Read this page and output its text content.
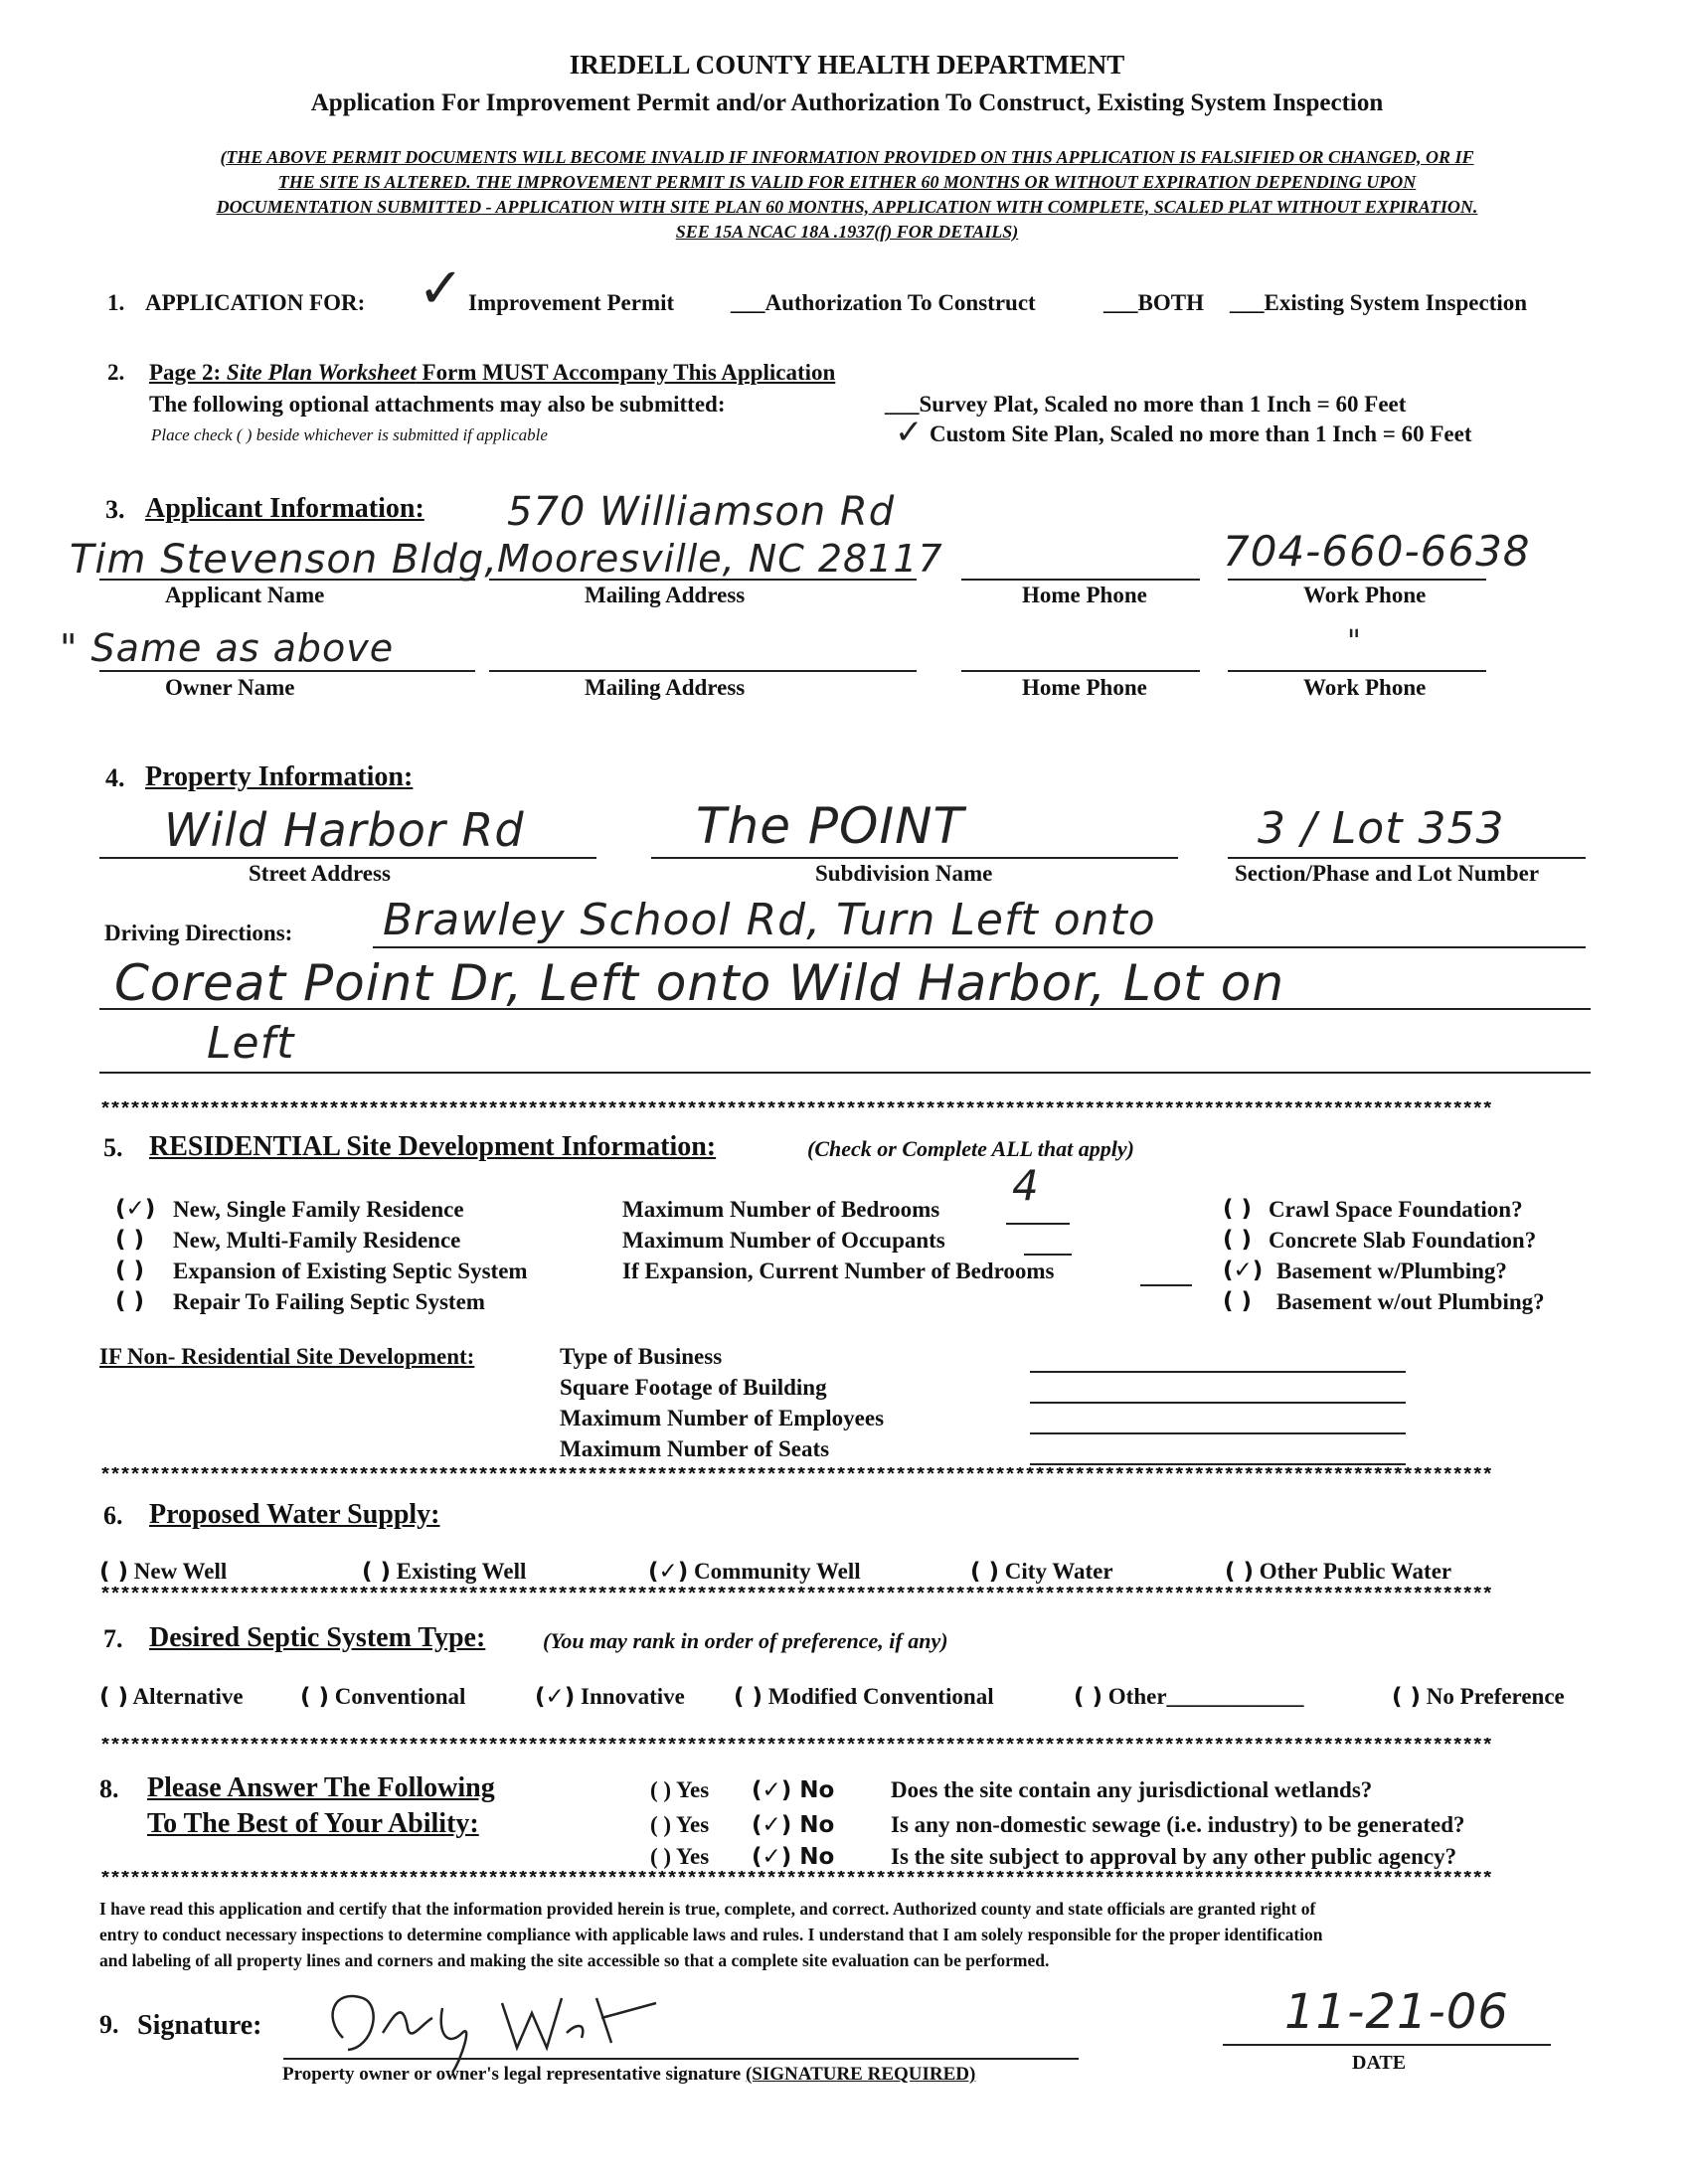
IREDELL COUNTY HEALTH DEPARTMENT
Application For Improvement Permit and/or Authorization To Construct, Existing System Inspection
(THE ABOVE PERMIT DOCUMENTS WILL BECOME INVALID IF INFORMATION PROVIDED ON THIS APPLICATION IS FALSIFIED OR CHANGED, OR IF
THE SITE IS ALTERED. THE IMPROVEMENT PERMIT IS VALID FOR EITHER 60 MONTHS OR WITHOUT EXPIRATION DEPENDING UPON
DOCUMENTATION SUBMITTED - APPLICATION WITH SITE PLAN 60 MONTHS, APPLICATION WITH COMPLETE, SCALED PLAT WITHOUT EXPIRATION.
SEE 15A NCAC 18A .1937(f) FOR DETAILS)
1. APPLICATION FOR: ✓ Improvement Permit ___Authorization To Construct	___BOTH ___Existing System Inspection
2. Page 2: Site Plan Worksheet Form MUST Accompany This Application
The following optional attachments may also be submitted:
Place check ( ) beside whichever is submitted if applicable
___Survey Plat, Scaled no more than 1 Inch = 60 Feet
✓ Custom Site Plan, Scaled no more than 1 Inch = 60 Feet
3. Applicant Information: 570 Williamson Rd
Tim Stevenson Bldg, Mooresville, NC 28117	704-660-6638
Applicant Name	Mailing Address	Home Phone	Work Phone
" Same as above	"
Owner Name	Mailing Address	Home Phone	Work Phone
4. Property Information:
Wild Harbor Rd	The POINT	3 / Lot 353
Street Address	Subdivision Name	Section/Phase and Lot Number
Driving Directions: Brawley School Rd, Turn Left onto
Coreat Point Dr, Left onto Wild Harbor, Lot on
Left
********************************************************************************************************************************************
5. RESIDENTIAL Site Development Information:	(Check or Complete ALL that apply)
(✓) New, Single Family Residence
( ) New, Multi-Family Residence
( ) Expansion of Existing Septic System
( ) Repair To Failing Septic System
Maximum Number of Bedrooms 4
Maximum Number of Occupants
If Expansion, Current Number of Bedrooms
( ) Crawl Space Foundation?
( ) Concrete Slab Foundation?
(✓) Basement w/Plumbing?
( ) Basement w/out Plumbing?
IF Non- Residential Site Development:	Type of Business
Square Footage of Building
Maximum Number of Employees
Maximum Number of Seats
********************************************************************************************************************************************
6. Proposed Water Supply:
( ) New Well	( ) Existing Well	(✓) Community Well	( ) City Water	( ) Other Public Water
********************************************************************************************************************************************
7. Desired Septic System Type:	(You may rank in order of preference, if any)
( ) Alternative ( ) Conventional	(✓) Innovative ( ) Modified Conventional	( ) Other____________	( ) No Preference
********************************************************************************************************************************************
8. Please Answer The Following
To The Best of Your Ability:
( ) Yes (✓) No Does the site contain any jurisdictional wetlands?
( ) Yes (✓) No Is any non-domestic sewage (i.e. industry) to be generated?
( ) Yes (✓) No Is the site subject to approval by any other public agency?
********************************************************************************************************************************************
I have read this application and certify that the information provided herein is true, complete, and correct. Authorized county and state officials are granted right of
entry to conduct necessary inspections to determine compliance with applicable laws and rules. I understand that I am solely responsible for the proper identification
and labeling of all property lines and corners and making the site accessible so that a complete site evaluation can be performed.
9. Signature:
Property owner or owner's legal representative signature (SIGNATURE REQUIRED)
11-21-06
DATE
